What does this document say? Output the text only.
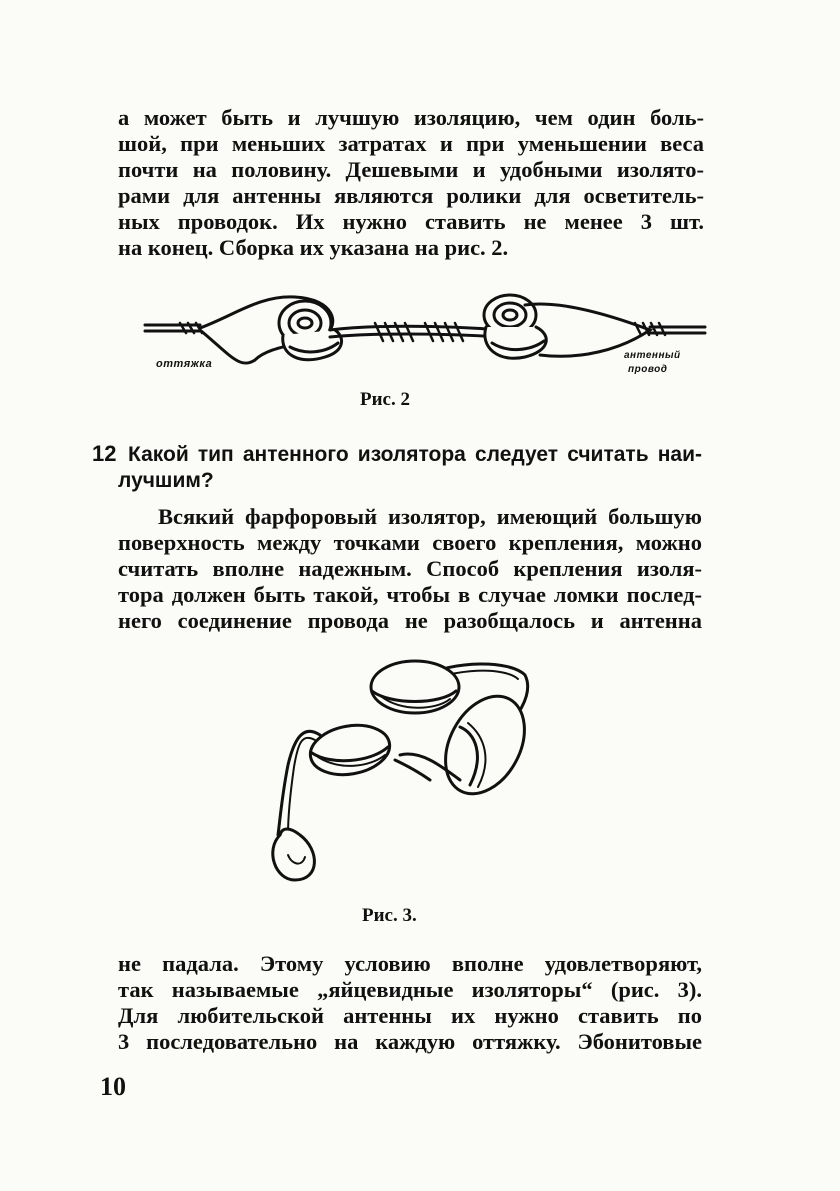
а может быть и лучшую изоляцию, чем один боль-

шой, при меньших затратах и при уменьшении веса

почти на половину. Дешевыми и удобными изолято-

рами для антенны являются ролики для осветитель-

ных проводок. Их нужно ставить не менее 3 шт.

на конец. Сборка их указана на рис. 2.

оттяжка
антенный
провод
Рис. 2
12 Какой тип антенного изолятора следует считать наи-

лучшим?

Всякий фарфоровый изолятор, имеющий большую

поверхность между точками своего крепления, можно

считать вполне надежным. Способ крепления изоля-

тора должен быть такой, чтобы в случае ломки послед-

него соединение провода не разобщалось и антенна

Рис. 3.

не падала. Этому условию вполне удовлетворяют,

так называемые „яйцевидные изоляторы“ (рис. 3).

Для любительской антенны их нужно ставить по

3 последовательно на каждую оттяжку. Эбонитовые

10
